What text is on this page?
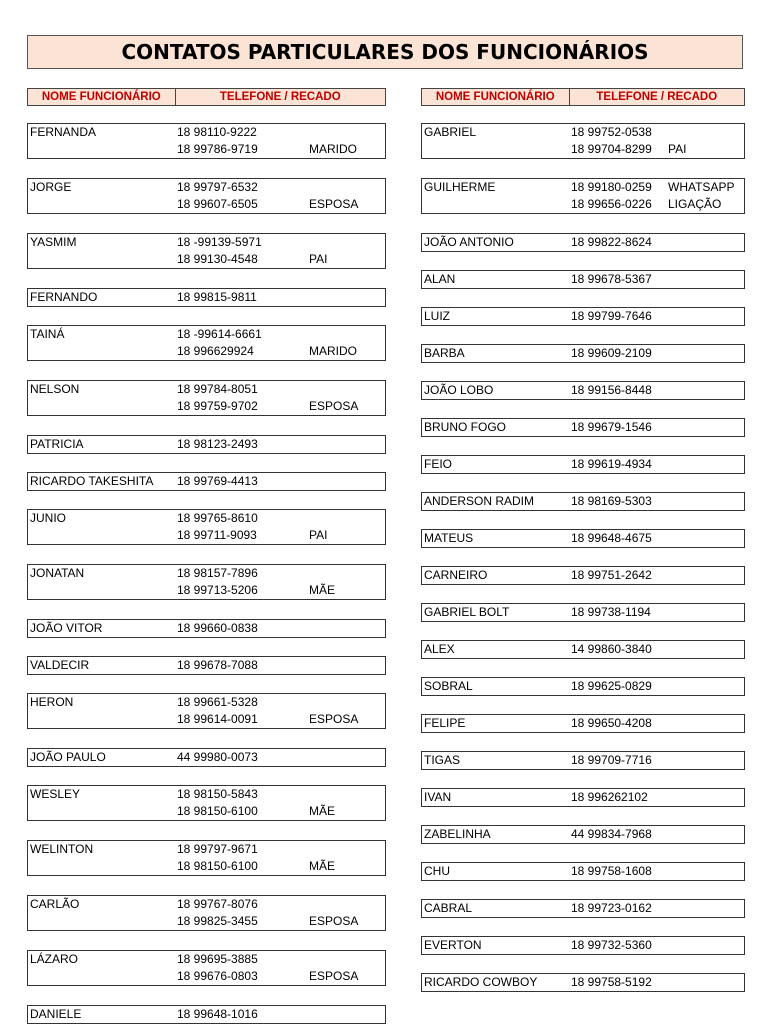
CONTATOS PARTICULARES DOS FUNCIONÁRIOS
NOME FUNCIONÁRIO	TELEFONE / RECADO	NOME FUNCIONÁRIO	TELEFONE / RECADO
FERNANDA	18 98110-9222
18 99786-9719	MARIDO
JORGE	18 99797-6532
18 99607-6505	ESPOSA
YASMIM	18 -99139-5971
18 99130-4548	PAI
FERNANDO	18 99815-9811
TAINÁ	18 -99614-6661
18 996629924	MARIDO
NELSON	18 99784-8051
18 99759-9702	ESPOSA
PATRICIA	18 98123-2493
RICARDO TAKESHITA 18 99769-4413
JUNIO	18 99765-8610
18 99711-9093	PAI
JONATAN	18 98157-7896
18 99713-5206	MÃE
JOÃO VITOR	18 99660-0838
VALDECIR	18 99678-7088
HERON	18 99661-5328
18 99614-0091	ESPOSA
JOÃO PAULO	44 99980-0073
WESLEY	18 98150-5843
18 98150-6100	MÃE
WELINTON	18 99797-9671
18 98150-6100	MÃE
CARLÃO	18 99767-8076
18 99825-3455	ESPOSA
LÁZARO	18 99695-3885
18 99676-0803	ESPOSA
DANIELE	18 99648-1016
GABRIEL	18 99752-0538
18 99704-8299 PAI
GUILHERME	18 99180-0259 WHATSAPP
18 99656-0226 LIGAÇÃO
JOÃO ANTONIO	18 99822-8624
ALAN	18 99678-5367
LUIZ	18 99799-7646
BARBA	18 99609-2109
JOÃO LOBO	18 99156-8448
BRUNO FOGO	18 99679-1546
FEIO	18 99619-4934
ANDERSON RADIM	18 98169-5303
MATEUS	18 99648-4675
CARNEIRO	18 99751-2642
GABRIEL BOLT	18 99738-1194
ALEX	14 99860-3840
SOBRAL	18 99625-0829
FELIPE	18 99650-4208
TIGAS	18 99709-7716
IVAN	18 996262102
ZABELINHA	44 99834-7968
CHU	18 99758-1608
CABRAL	18 99723-0162
EVERTON	18 99732-5360
RICARDO COWBOY	18 99758-5192
